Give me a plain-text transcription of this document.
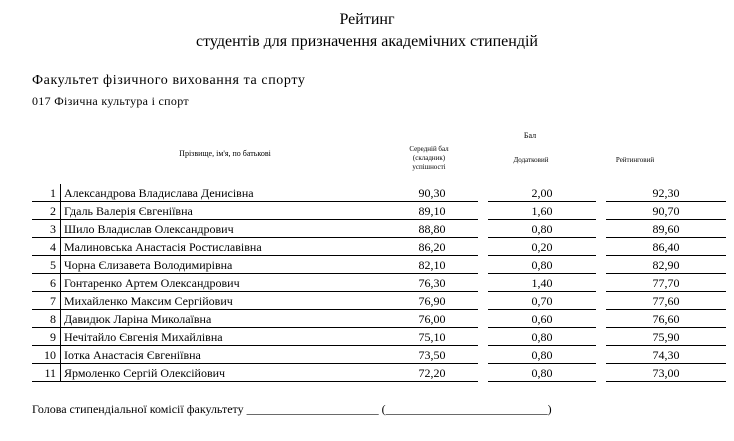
Рейтинг
студентів для призначення академічних стипендій
Факультет фізичного виховання та спорту
017 Фізична культура і спорт
Бал
Прізвище, ім'я, по батькові	Середній бал (складник) успішності
Додатковий	Рейтинговий
1	Александрова Владислава Денисівна	90,30		2,00		92,30
2	Гдаль Валерія Євгеніївна	89,10		1,60		90,70
3	Шило Владислав Олександрович	88,80		0,80		89,60
4	Малиновська Анастасія Ростиславівна	86,20		0,20		86,40
5	Чорна Єлизавета Володимирівна	82,10		0,80		82,90
6	Гонтаренко Артем Олександрович	76,30		1,40		77,70
7	Михайленко Максим Сергійович	76,90		0,70		77,60
8	Давидюк Ларіна Миколаївна	76,00		0,60		76,60
9	Нечітайло Євгенія Михайлівна	75,10		0,80		75,90
10	Іотка Анастасія Євгеніївна	73,50		0,80		74,30
11	Ярмоленко Сергій Олексійович	72,20		0,80		73,00
Голова стипендіальної комісії факультету ______________________ (___________________________)
